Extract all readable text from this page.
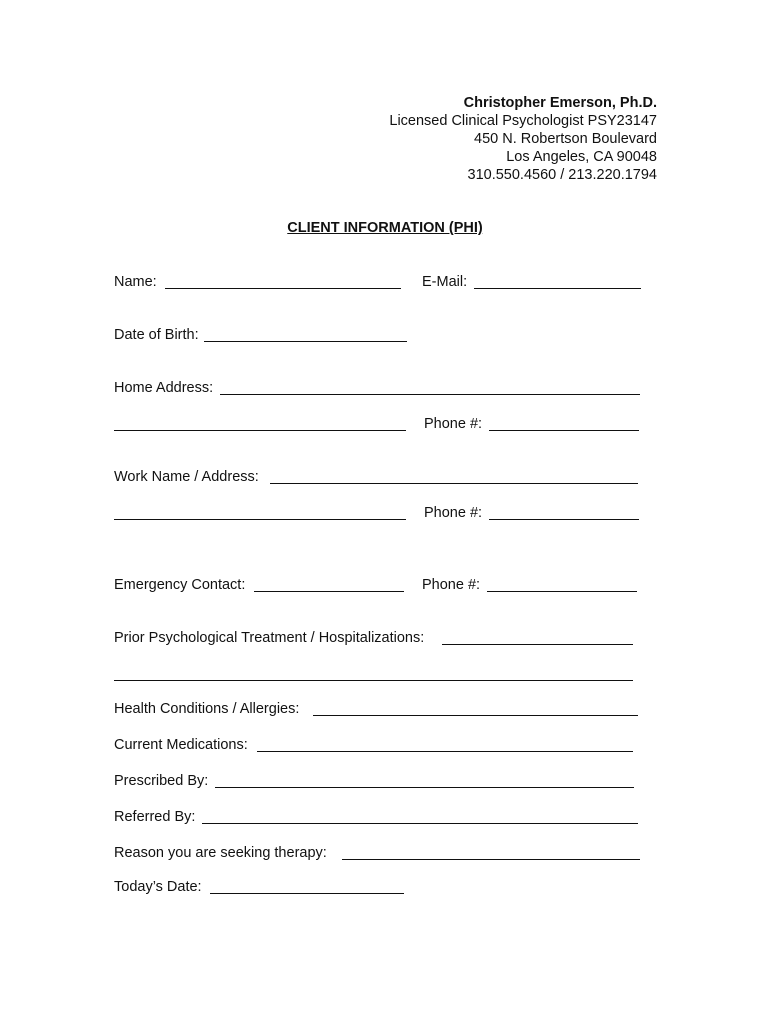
Christopher Emerson, Ph.D.
Licensed Clinical Psychologist PSY23147
450 N. Robertson Boulevard
Los Angeles, CA 90048
310.550.4560 / 213.220.1794
CLIENT INFORMATION (PHI)
Name:	E-Mail:
Date of Birth:
Home Address:
Phone #:
Work Name / Address:
Phone #:
Emergency Contact:	Phone #:
Prior Psychological Treatment / Hospitalizations:
Health Conditions / Allergies:
Current Medications:
Prescribed By:
Referred By:
Reason you are seeking therapy:
Today’s Date:
